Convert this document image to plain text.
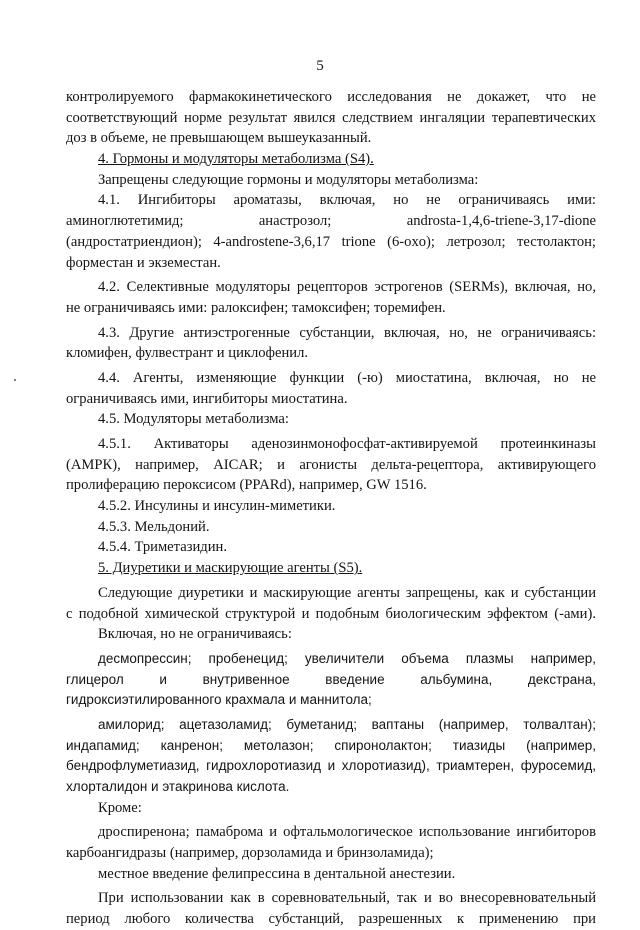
5
контролируемого фармакокинетического исследования не докажет, что не
соответствующий норме результат явился следствием ингаляции терапевтических
доз в объеме, не превышающем вышеуказанный.
4. Гормоны и модуляторы метаболизма (S4).
Запрещены следующие гормоны и модуляторы метаболизма:
4.1. Ингибиторы ароматазы, включая, но не ограничиваясь ими:
аминоглютетимид; анастрозол; androsta-1,4,6-triene-3,17-dione
(андростатриендион); 4-androstene-3,6,17 trione (6-oxo); летрозол; тестолактон;
форместан и экземестан.
4.2. Селективные модуляторы рецепторов эстрогенов (SERMs), включая, но,
не ограничиваясь ими: ралоксифен; тамоксифен; торемифен.
4.3. Другие антиэстрогенные субстанции, включая, но, не ограничиваясь:
кломифен, фулвестрант и циклофенил.
4.4. Агенты, изменяющие функции (-ю) миостатина, включая, но не
ограничиваясь ими, ингибиторы миостатина.
4.5. Модуляторы метаболизма:
4.5.1. Активаторы аденозинмонофосфат-активируемой протеинкиназы
(АМРК), например, AICAR; и агонисты дельта-рецептора, активирующего
пролиферацию пероксисом (PPARd), например, GW 1516.
4.5.2. Инсулины и инсулин-миметики.
4.5.3. Мельдоний.
4.5.4. Триметазидин.
5. Диуретики и маскирующие агенты (S5).
Следующие диуретики и маскирующие агенты запрещены, как и субстанции
с подобной химической структурой и подобным биологическим эффектом (-ами).
Включая, но не ограничиваясь:
десмопрессин; пробенецид; увеличители объема плазмы например,
глицерол и внутривенное введение альбумина, декстрана,
гидроксиэтилированного крахмала и маннитола;
амилорид; ацетазоламид; буметанид; ваптаны (например, толвалтан);
индапамид; канренон; метолазон; спиронолактон; тиазиды (например,
бендрофлуметиазид, гидрохлоротиазид и хлоротиазид), триамтерен, фуросемид,
хлорталидон и этакринова кислота.
Кроме:
дроспиренона; памаброма и офтальмологическое использование ингибиторов
карбоангидразы (например, дорзоламида и бринзоламида);
местное введение фелипрессина в дентальной анестезии.
При использовании как в соревновательный, так и во внесоревновательный
период любого количества субстанций, разрешенных к применению при
